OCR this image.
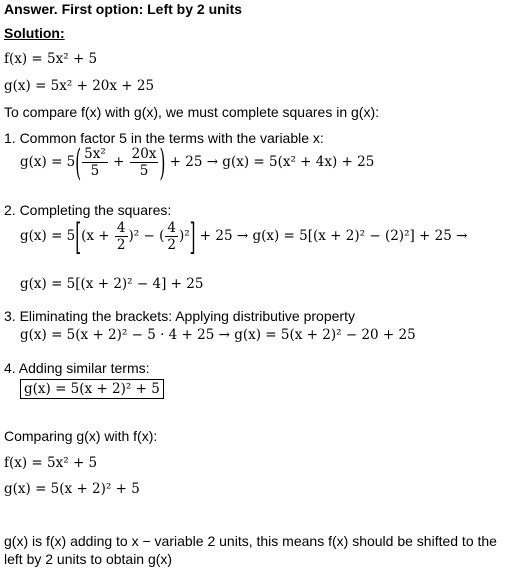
Answer. First option: Left by 2 units
Solution:
f(x) = 5x² + 5
g(x) = 5x² + 20x + 25
To compare f(x) with g(x), we must complete squares in g(x):
1. Common factor 5 in the terms with the variable x:
$g(x) = 5( \frac{\text{5x²}}{5} + \frac{20x}{5}$ ) + 25 → g(x) = 5(x² + 4x) + 25
2. Completing the squares:
$g(x) = 5[(x + \frac{4}{2} )^2$ − ( $\frac{4}{2} )^2] + 25 \to g(x) = 5[(x + 2)^2 - (2)^2] + 25$ →
g(x) = 5[(x + 2)² − 4] + 25
3. Eliminating the brackets: Applying distributive property
g(x) = 5(x + 2)² − 5 · 4 + 25 → g(x) = 5(x + 2)² − 20 + 25
4. Adding similar terms:
g(x) = 5(x + 2)² + 5
Comparing g(x) with f(x):
f(x) = 5x² + 5
g(x) = 5(x + 2)² + 5
g(x) is f(x) adding to x − variable 2 units, this means f(x) should be shifted to the
left by 2 units to obtain g(x)
